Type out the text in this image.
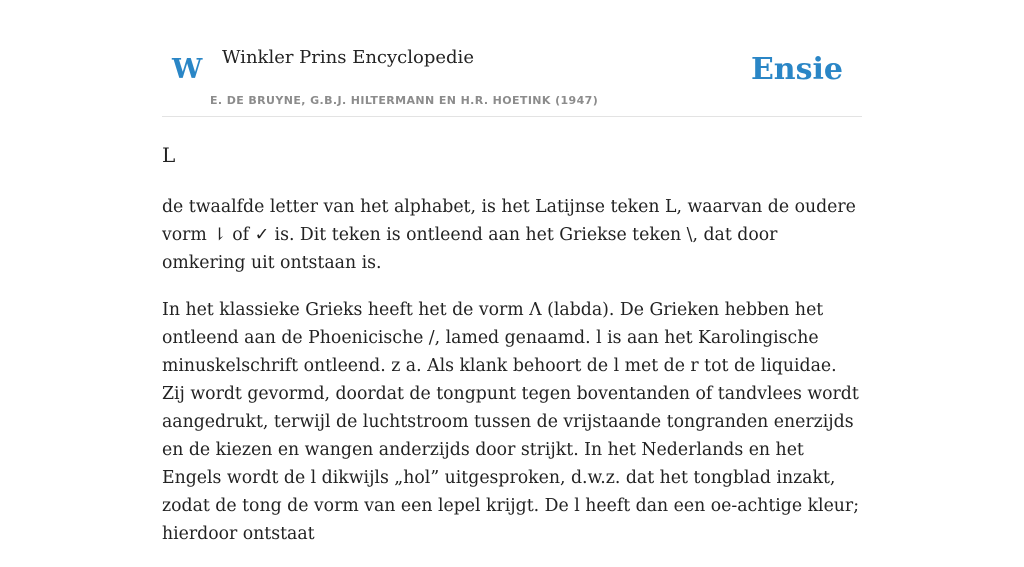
W Winkler Prins Encyclopedie
E. DE BRUYNE, G.B.J. HILTERMANN EN H.R. HOETINK (1947)
Ensie
L

de twaalfde letter van het alphabet, is het Latijnse teken L, waarvan de oudere vorm ⇂ of ✓ is. Dit teken is ontleend aan het Griekse teken \, dat door omkering uit ontstaan is.

In het klassieke Grieks heeft het de vorm Λ (labda). De Grieken hebben het ontleend aan de Phoenicische /, lamed genaamd. l is aan het Karolingische minuskelschrift ontleend. z a. Als klank behoort de l met de r tot de liquidae. Zij wordt gevormd, doordat de tongpunt tegen boventanden of tandvlees wordt aangedrukt, terwijl de luchtstroom tussen de vrijstaande tongranden enerzijds en de kiezen en wangen anderzijds door strijkt. In het Nederlands en het Engels wordt de l dikwijls „hol” uitgesproken, d.w.z. dat het tongblad inzakt, zodat de tong de vorm van een lepel krijgt. De l heeft dan een oe-achtige kleur; hierdoor ontstaat
